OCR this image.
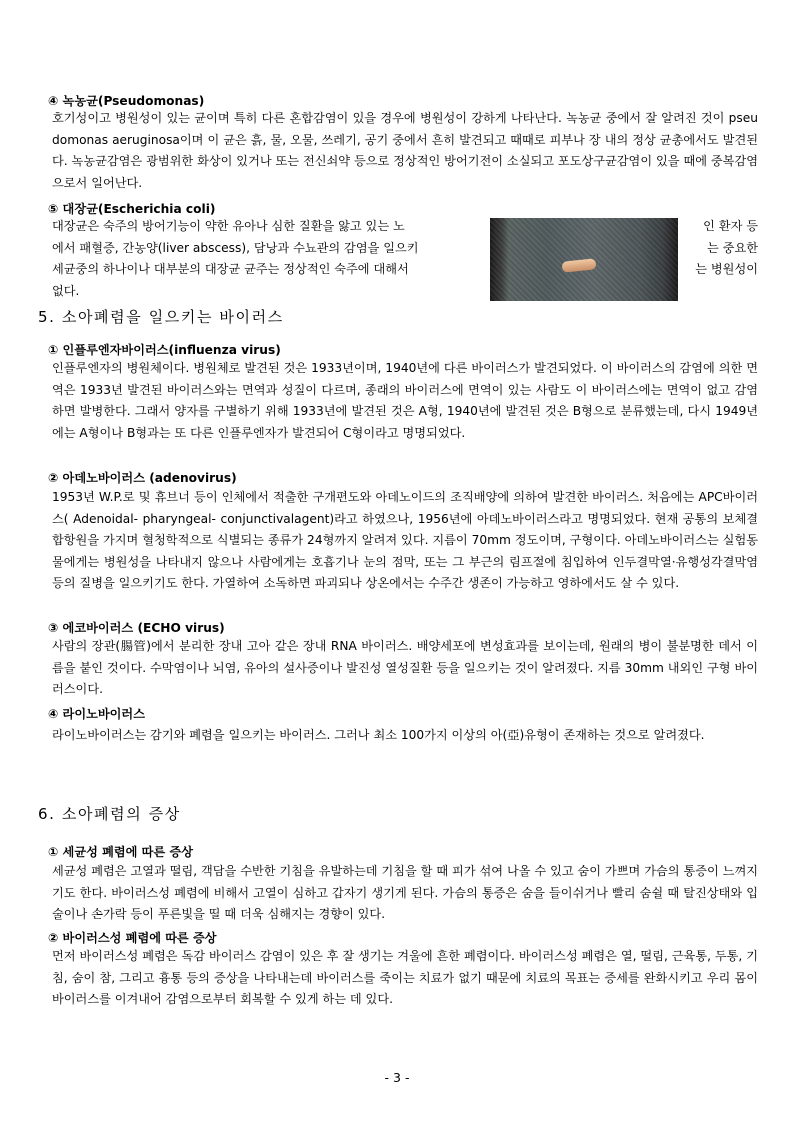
④ 녹농균(Pseudomonas)

호기성이고 병원성이 있는 균이며 특히 다른 혼합감염이 있을 경우에 병원성이 강하게 나타난다. 녹농균 중에서 잘 알려진 것이 pseudomonas aeruginosa이며 이 균은 흙, 물, 오물, 쓰레기, 공기 중에서 흔히 발견되고 때때로 피부나 장 내의 정상 균총에서도 발견된다. 녹농균감염은 광범위한 화상이 있거나 또는 전신쇠약 등으로 정상적인 방어기전이 소실되고 포도상구균감염이 있을 때에 중복감염으로서 일어난다.

⑤ 대장균(Escherichia coli)
대장균은 숙주의 방어기능이 약한 유아나 심한 질환을 앓고 있는 노
에서 패혈증, 간농양(liver abscess), 담낭과 수뇨관의 감염을 일으키
세균중의 하나이나 대부분의 대장균 균주는 정상적인 숙주에 대해서
없다.
인 환자 등
는 중요한
는 병원성이
5. 소아폐렴을 일으키는 바이러스
① 인플루엔자바이러스(influenza virus)

인플루엔자의 병원체이다. 병원체로 발견된 것은 1933년이며, 1940년에 다른 바이러스가 발견되었다. 이 바이러스의 감염에 의한 면역은 1933년 발견된 바이러스와는 면역과 성질이 다르며, 종래의 바이러스에 면역이 있는 사람도 이 바이러스에는 면역이 없고 감염하면 발병한다. 그래서 양자를 구별하기 위해 1933년에 발견된 것은 A형, 1940년에 발견된 것은 B형으로 분류했는데, 다시 1949년에는 A형이나 B형과는 또 다른 인플루엔자가 발견되어 C형이라고 명명되었다.

② 아데노바이러스 (adenovirus)

1953년 W.P.로 및 휴브너 등이 인체에서 적출한 구개편도와 아데노이드의 조직배양에 의하여 발견한 바이러스. 처음에는 APC바이러스( Adenoidal- pharyngeal- conjunctivalagent)라고 하였으나, 1956년에 아데노바이러스라고 명명되었다. 현재 공통의 보체결합항원을 가지며 혈청학적으로 식별되는 종류가 24형까지 알려져 있다. 지름이 70mm 정도이며, 구형이다. 아데노바이러스는 실험동물에게는 병원성을 나타내지 않으나 사람에게는 호흡기나 눈의 점막, 또는 그 부근의 림프절에 침입하여 인두결막열·유행성각결막염 등의 질병을 일으키기도 한다. 가열하여 소독하면 파괴되나 상온에서는 수주간 생존이 가능하고 영하에서도 살 수 있다.

③ 에코바이러스 (ECHO virus)

사람의 장관(腸管)에서 분리한 장내 고아 같은 장내 RNA 바이러스. 배양세포에 변성효과를 보이는데, 원래의 병이 불분명한 데서 이름을 붙인 것이다. 수막염이나 뇌염, 유아의 설사증이나 발진성 열성질환 등을 일으키는 것이 알려졌다. 지름 30mm 내외인 구형 바이러스이다.

④ 라이노바이러스

라이노바이러스는 감기와 폐렴을 일으키는 바이러스. 그러나 최소 100가지 이상의 아(亞)유형이 존재하는 것으로 알려졌다.

6. 소아폐렴의 증상
① 세균성 폐렴에 따른 증상

세균성 폐렴은 고열과 떨림, 객담을 수반한 기침을 유발하는데 기침을 할 때 피가 섞여 나올 수 있고 숨이 가쁘며 가슴의 통증이 느껴지기도 한다. 바이러스성 폐렴에 비해서 고열이 심하고 갑자기 생기게 된다. 가슴의 통증은 숨을 들이쉬거나 빨리 숨쉴 때 탈진상태와 입술이나 손가락 등이 푸른빛을 띨 때 더욱 심해지는 경향이 있다.

② 바이러스성 폐렴에 따른 증상

먼저 바이러스성 폐렴은 독감 바이러스 감염이 있은 후 잘 생기는 겨울에 흔한 폐렴이다. 바이러스성 폐렴은 열, 떨림, 근육통, 두통, 기침, 숨이 참, 그리고 흉통 등의 증상을 나타내는데 바이러스를 죽이는 치료가 없기 때문에 치료의 목표는 증세를 완화시키고 우리 몸이 바이러스를 이겨내어 감염으로부터 회복할 수 있게 하는 데 있다.

- 3 -
